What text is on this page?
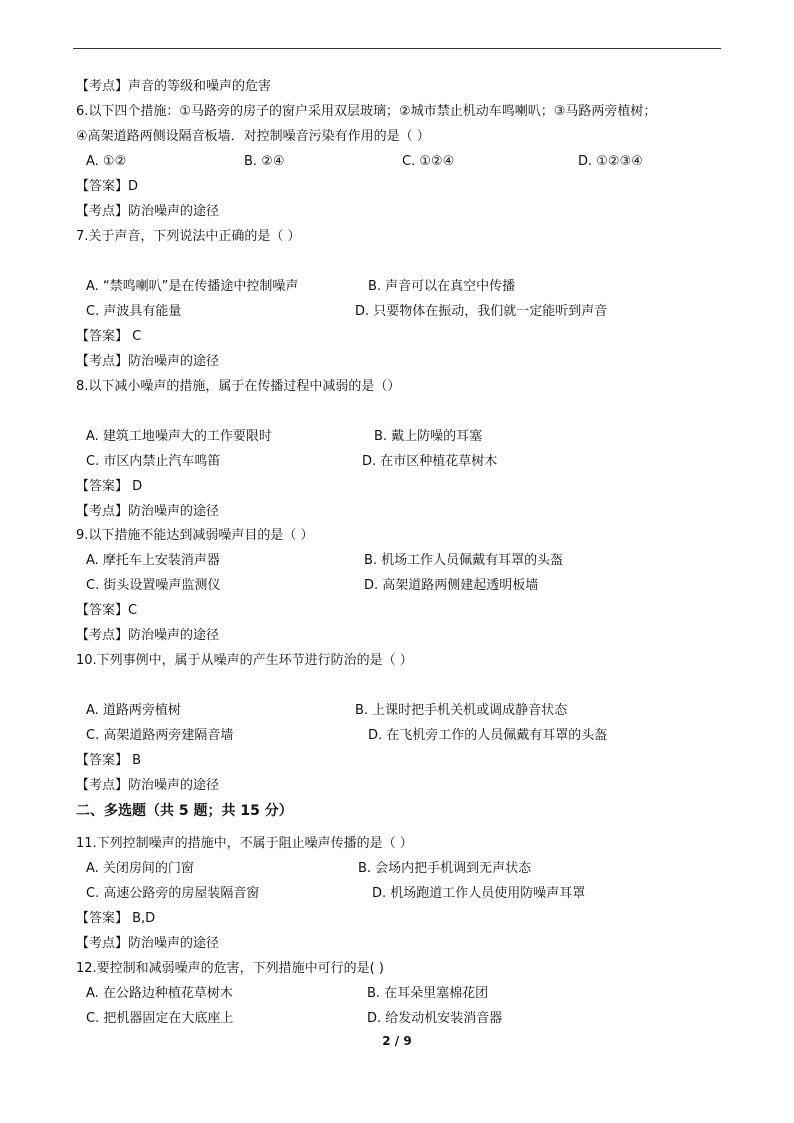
【考点】声音的等级和噪声的危害
6.以下四个措施：①马路旁的房子的窗户采用双层玻璃；②城市禁止机动车鸣喇叭；③马路两旁植树；
④高架道路两侧设隔音板墙．对控制噪音污染有作用的是（ ）
A. ①②	B. ②④	C. ①②④	D. ①②③④
【答案】D
【考点】防治噪声的途径
7.关于声音，下列说法中正确的是（ ）
A. “禁鸣喇叭”是在传播途中控制噪声	B. 声音可以在真空中传播
C. 声波具有能量	D. 只要物体在振动，我们就一定能听到声音
【答案】 C
【考点】防治噪声的途径
8.以下减小噪声的措施，属于在传播过程中减弱的是（）
A. 建筑工地噪声大的工作要限时	B. 戴上防噪的耳塞
C. 市区内禁止汽车鸣笛	D. 在市区种植花草树木
【答案】 D
【考点】防治噪声的途径
9.以下措施不能达到减弱噪声目的是（ ）
A. 摩托车上安装消声器	B. 机场工作人员佩戴有耳罩的头盔
C. 街头设置噪声监测仪	D. 高架道路两侧建起透明板墙
【答案】C
【考点】防治噪声的途径
10.下列事例中，属于从噪声的产生环节进行防治的是（ ）
A. 道路两旁植树	B. 上课时把手机关机或调成静音状态
C. 高架道路两旁建隔音墙	D. 在飞机旁工作的人员佩戴有耳罩的头盔
【答案】 B
【考点】防治噪声的途径
二、多选题（共 5 题；共 15 分）
11.下列控制噪声的措施中，不属于阻止噪声传播的是（ ）
A. 关闭房间的门窗	B. 会场内把手机调到无声状态
C. 高速公路旁的房屋装隔音窗	D. 机场跑道工作人员使用防噪声耳罩
【答案】 B,D
【考点】防治噪声的途径
12.要控制和减弱噪声的危害，下列措施中可行的是( )
A. 在公路边种植花草树木	B. 在耳朵里塞棉花团
C. 把机器固定在大底座上	D. 给发动机安装消音器
2 / 9
